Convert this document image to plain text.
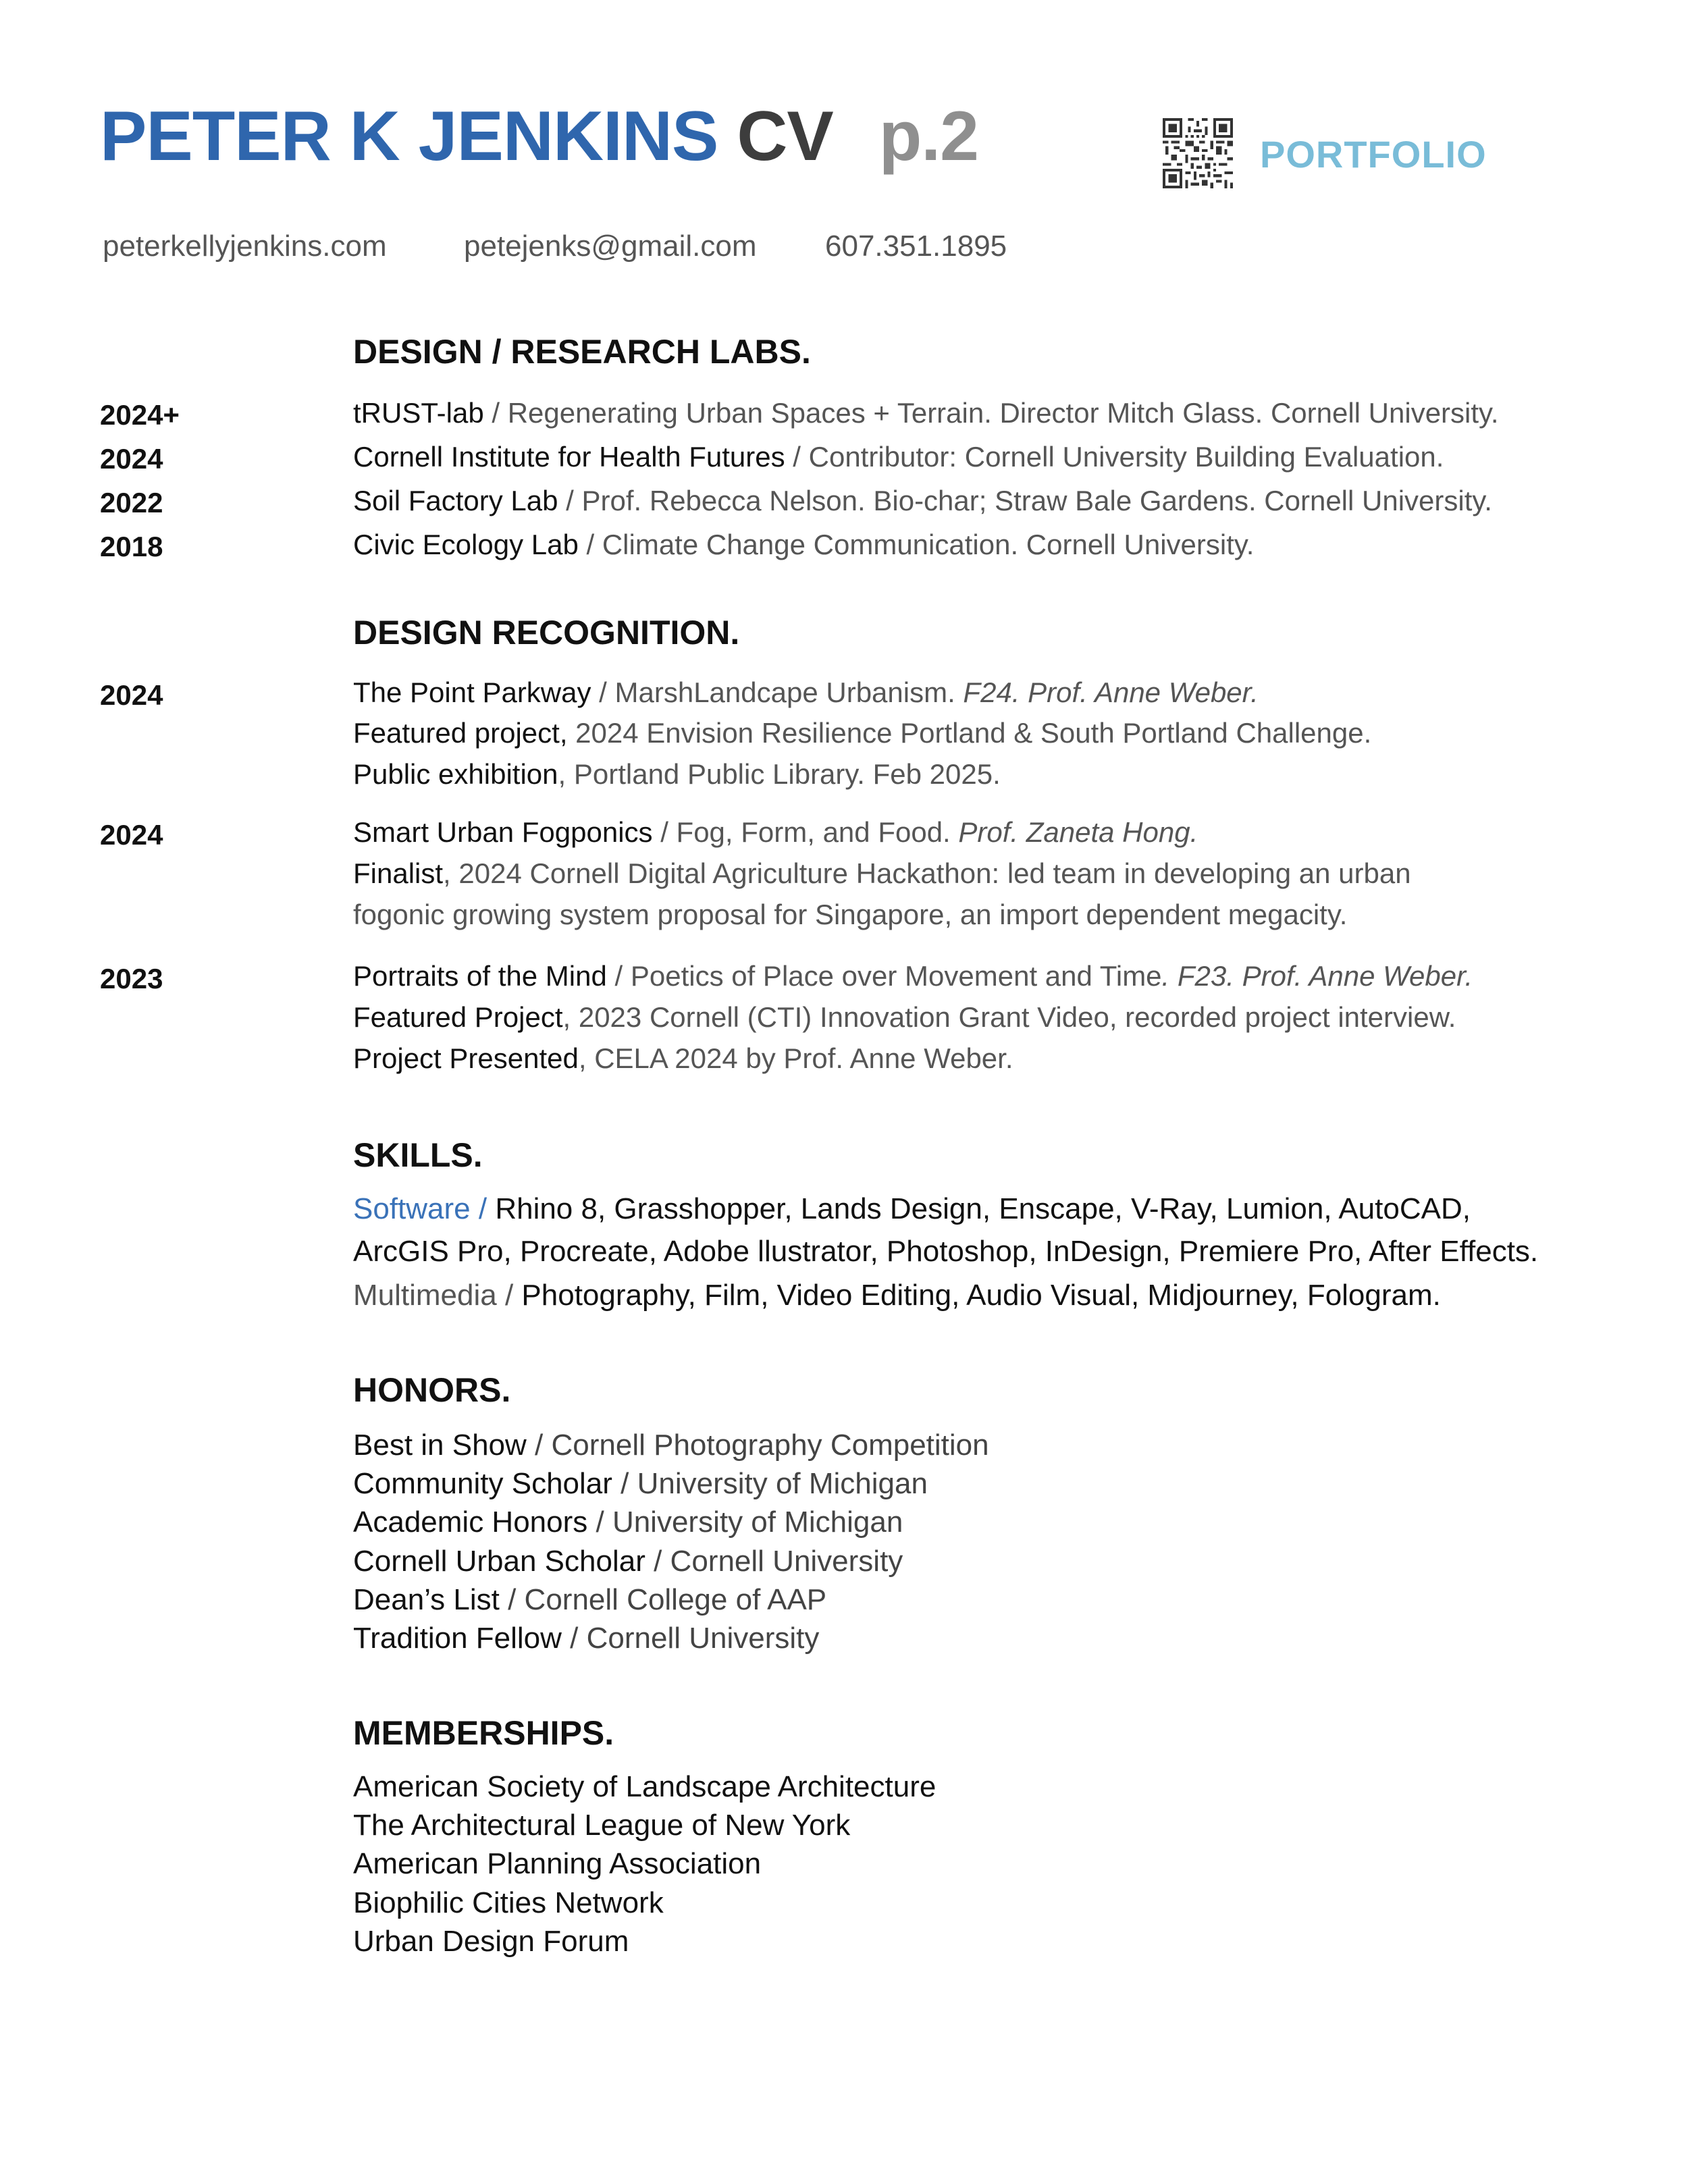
PETER K JENKINS CV p.2	PORTFOLIO
peterkellyjenkins.com	petejenks@gmail.com 607.351.1895
DESIGN / RESEARCH LABS.
2024+	tRUST-lab / Regenerating Urban Spaces + Terrain. Director Mitch Glass. Cornell University.
2024	Cornell Institute for Health Futures / Contributor: Cornell University Building Evaluation.
2022	Soil Factory Lab / Prof. Rebecca Nelson. Bio-char; Straw Bale Gardens. Cornell University.
2018	Civic Ecology Lab / Climate Change Communication. Cornell University.
DESIGN RECOGNITION.
2024	The Point Parkway / MarshLandcape Urbanism. F24. Prof. Anne Weber.
Featured project, 2024 Envision Resilience Portland & South Portland Challenge.
Public exhibition, Portland Public Library. Feb 2025.
2024	Smart Urban Fogponics / Fog, Form, and Food. Prof. Zaneta Hong.
Finalist, 2024 Cornell Digital Agriculture Hackathon: led team in developing an urban
fogonic growing system proposal for Singapore, an import dependent megacity.
2023	Portraits of the Mind / Poetics of Place over Movement and Time. F23. Prof. Anne Weber.
Featured Project, 2023 Cornell (CTI) Innovation Grant Video, recorded project interview.
Project Presented, CELA 2024 by Prof. Anne Weber.
SKILLS.
Software / Rhino 8, Grasshopper, Lands Design, Enscape, V-Ray, Lumion, AutoCAD,
ArcGIS Pro, Procreate, Adobe llustrator, Photoshop, InDesign, Premiere Pro, After Effects.
Multimedia / Photography, Film, Video Editing, Audio Visual, Midjourney, Fologram.
HONORS.
Best in Show / Cornell Photography Competition
Community Scholar / University of Michigan
Academic Honors / University of Michigan
Cornell Urban Scholar / Cornell University
Dean’s List / Cornell College of AAP
Tradition Fellow / Cornell University
MEMBERSHIPS.
American Society of Landscape Architecture
The Architectural League of New York
American Planning Association
Biophilic Cities Network
Urban Design Forum
